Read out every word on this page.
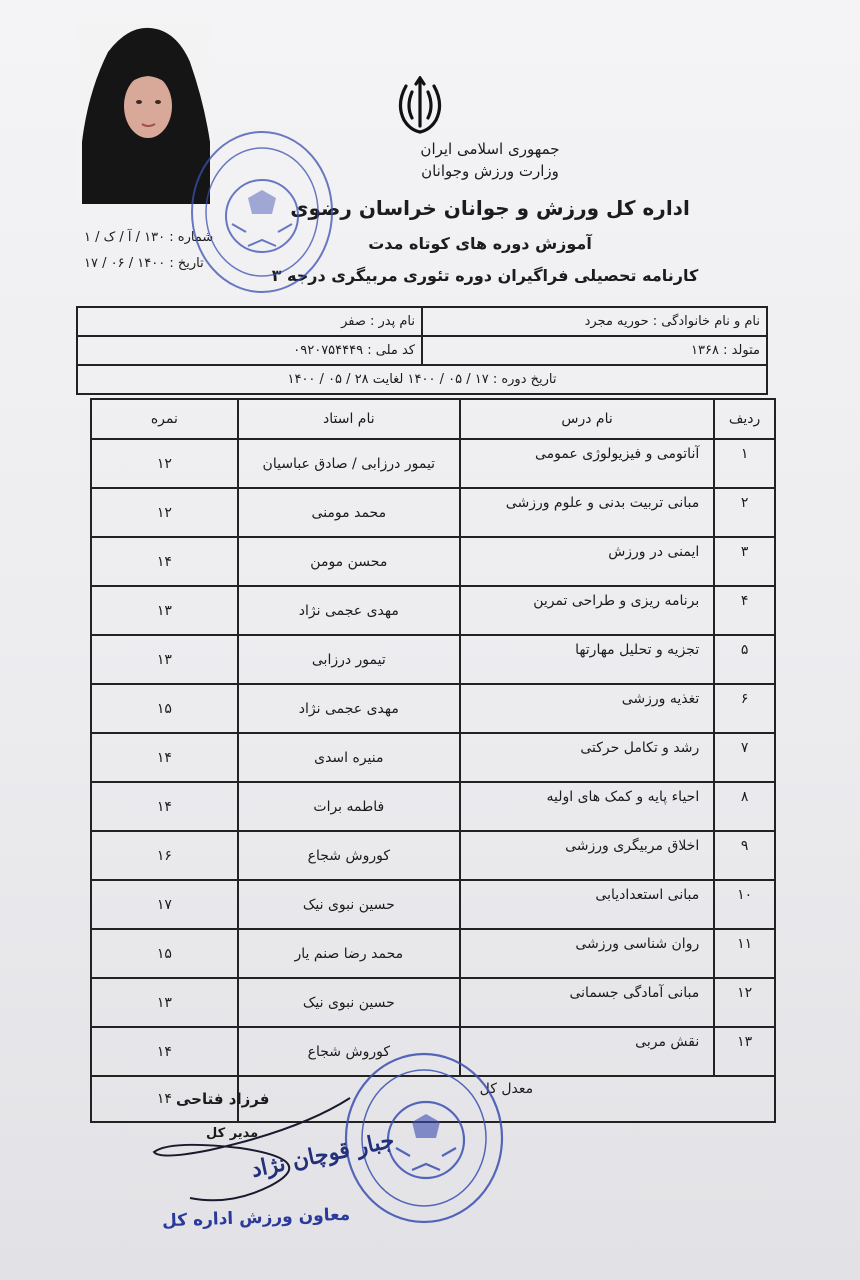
جمهوری اسلامی ایران
وزارت ورزش وجوانان
اداره کل ورزش و جوانان خراسان رضوی
آموزش دوره های کوتاه مدت
کارنامه تحصیلی فراگیران دوره تئوری مربیگری درجه ۳
شماره : ۱۳۰ / آ / ک / ۱
تاریخ : ۱۴۰۰ / ۰۶ / ۱۷
نام و نام خانوادگی : حوریه مجرد
نام پدر : صفر
متولد : ۱۳۶۸
کد ملی : ۰۹۲۰۷۵۴۴۴۹
تاریخ دوره : ۱۷ / ۰۵ / ۱۴۰۰ لغایت ۲۸ / ۰۵ / ۱۴۰۰
ردیف	نام درس	نام استاد	نمره
۱	آناتومی و فیزیولوژی عمومی	تیمور درزابی / صادق عباسیان	۱۲
۲	مبانی تربیت بدنی و علوم ورزشی	محمد مومنی	۱۲
۳	ایمنی در ورزش	محسن مومن	۱۴
۴	برنامه ریزی و طراحی تمرین	مهدی عجمی نژاد	۱۳
۵	تجزیه و تحلیل مهارتها	تیمور درزابی	۱۳
۶	تغذیه ورزشی	مهدی عجمی نژاد	۱۵
۷	رشد و تکامل حرکتی	منیره اسدی	۱۴
۸	احیاء پایه و کمک های اولیه	فاطمه برات	۱۴
۹	اخلاق مربیگری ورزشی	کوروش شجاع	۱۶
۱۰	مبانی استعدادیابی	حسین نبوی نیک	۱۷
۱۱	روان شناسی ورزشی	محمد رضا صنم یار	۱۵
۱۲	مبانی آمادگی جسمانی	حسین نبوی نیک	۱۳
۱۳	نقش مربی	کوروش شجاع	۱۴
معدل کل			۱۴ فرزاد فتاحی
مدیر کل
جبار قوچان نژاد
معاون ورزش اداره کل
